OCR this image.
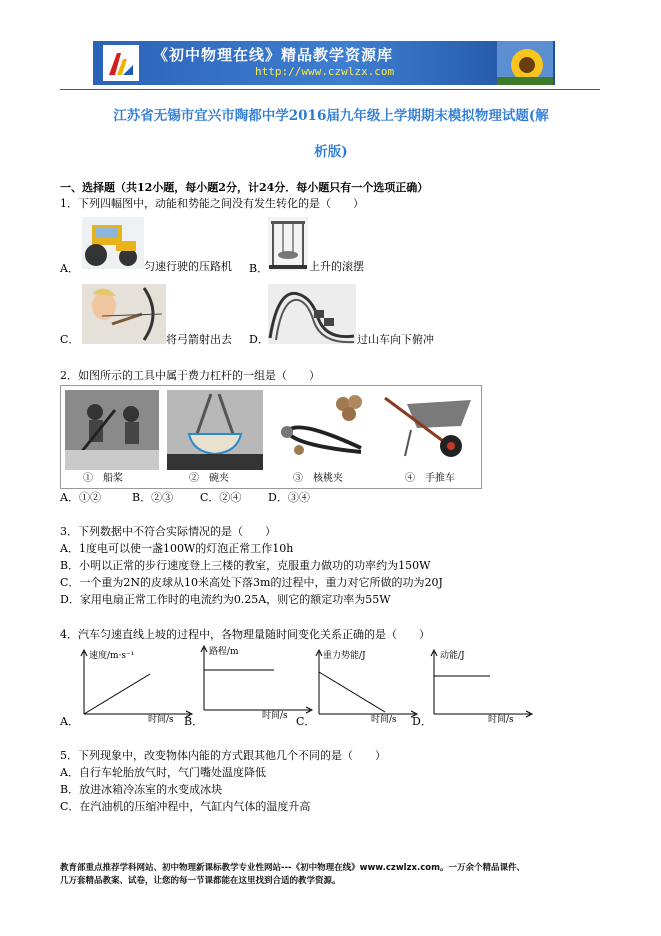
《初中物理在线》精品教学资源库
http://www.czwlzx.com
江苏省无锡市宜兴市陶都中学2016届九年级上学期期末模拟物理试题(解
析版)
一、选择题（共12小题，每小题2分，计24分．每小题只有一个选项正确）
1．下列四幅图中，动能和势能之间没有发生转化的是（　　）
A．	匀速行驶的压路机 B．	上升的滚摆
C．	将弓箭射出去 D．	过山车向下俯冲
2．如图所示的工具中属于费力杠杆的一组是（　　）
①　船桨	②　碗夹	③　核桃夹	④　手推车
A．①②	B．②③ C．②④ D．③④
3．下列数据中不符合实际情况的是（　　）
A．1度电可以使一盏100W的灯泡正常工作10h
B．小明以正常的步行速度登上三楼的教室，克服重力做功的功率约为150W
C．一个重为2N的皮球从10米高处下落3m的过程中，重力对它所做的功为20J
D．家用电扇正常工作时的电流约为0.25A，则它的额定功率为55W
4．汽车匀速直线上坡的过程中，各物理量随时间变化关系正确的是（　　）
A．
速度/m·s⁻¹
时间/s B．
路程/m
时间/s C．
重力势能/J
时间/s D．
动能/J
时间/s
5．下列现象中，改变物体内能的方式跟其他几个不同的是（　　）
A．自行车轮胎放气时，气门嘴处温度降低
B．放进冰箱冷冻室的水变成冰块
C．在汽油机的压缩冲程中，气缸内气体的温度升高
教育部重点推荐学科网站、初中物理新课标教学专业性网站---《初中物理在线》www.czwlzx.com。一万余个精品课件、
几万套精品教案、试卷，让您的每一节课都能在这里找到合适的教学资源。
